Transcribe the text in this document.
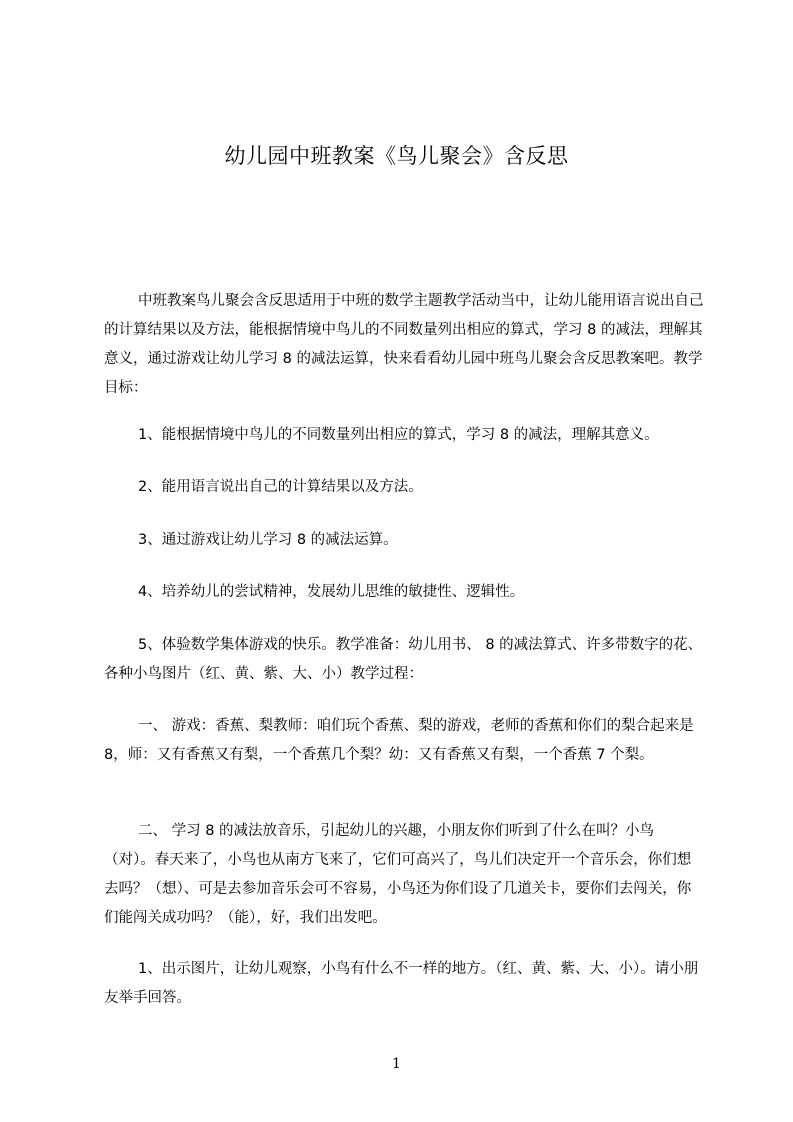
幼儿园中班教案《鸟儿聚会》含反思

中班教案鸟儿聚会含反思适用于中班的数学主题教学活动当中，让幼儿能用语言说出自己的计算结果以及方法，能根据情境中鸟儿的不同数量列出相应的算式，学习 8 的减法，理解其意义，通过游戏让幼儿学习 8 的减法运算，快来看看幼儿园中班鸟儿聚会含反思教案吧。教学目标：

1、能根据情境中鸟儿的不同数量列出相应的算式，学习 8 的减法，理解其意义。

2、能用语言说出自己的计算结果以及方法。

3、通过游戏让幼儿学习 8 的减法运算。

4、培养幼儿的尝试精神，发展幼儿思维的敏捷性、逻辑性。

5、体验数学集体游戏的快乐。教学准备：幼儿用书、 8 的减法算式、许多带数字的花、各种小鸟图片（红、黄、紫、大、小）教学过程：

一、 游戏：香蕉、梨教师：咱们玩个香蕉、梨的游戏，老师的香蕉和你们的梨合起来是 8，师：又有香蕉又有梨，一个香蕉几个梨？幼：又有香蕉又有梨，一个香蕉 7 个梨。

二、 学习 8 的减法放音乐，引起幼儿的兴趣，小朋友你们听到了什么在叫？小鸟（对）。春天来了，小鸟也从南方飞来了，它们可高兴了，鸟儿们决定开一个音乐会，你们想去吗？（想）、可是去参加音乐会可不容易，小鸟还为你们设了几道关卡，要你们去闯关，你们能闯关成功吗？（能），好，我们出发吧。

1、出示图片，让幼儿观察，小鸟有什么不一样的地方。（红、黄、紫、大、小）。请小朋友举手回答。

1
